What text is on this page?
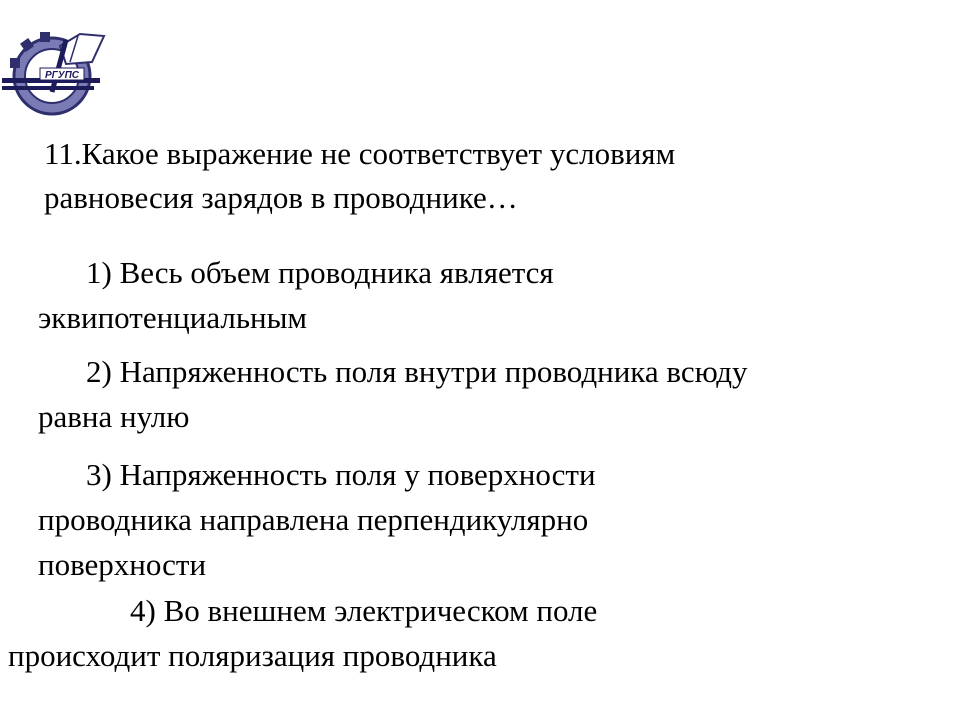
РГУПС
11.Какое выражение не соответствует условиям
равновесия зарядов в проводнике…

1) Весь объем проводника является
эквипотенциальным

2) Напряженность поля внутри проводника всюду
равна нулю

3) Напряженность поля у поверхности
проводника направлена перпендикулярно
поверхности

4) Во внешнем электрическом поле
происходит поляризация проводника
